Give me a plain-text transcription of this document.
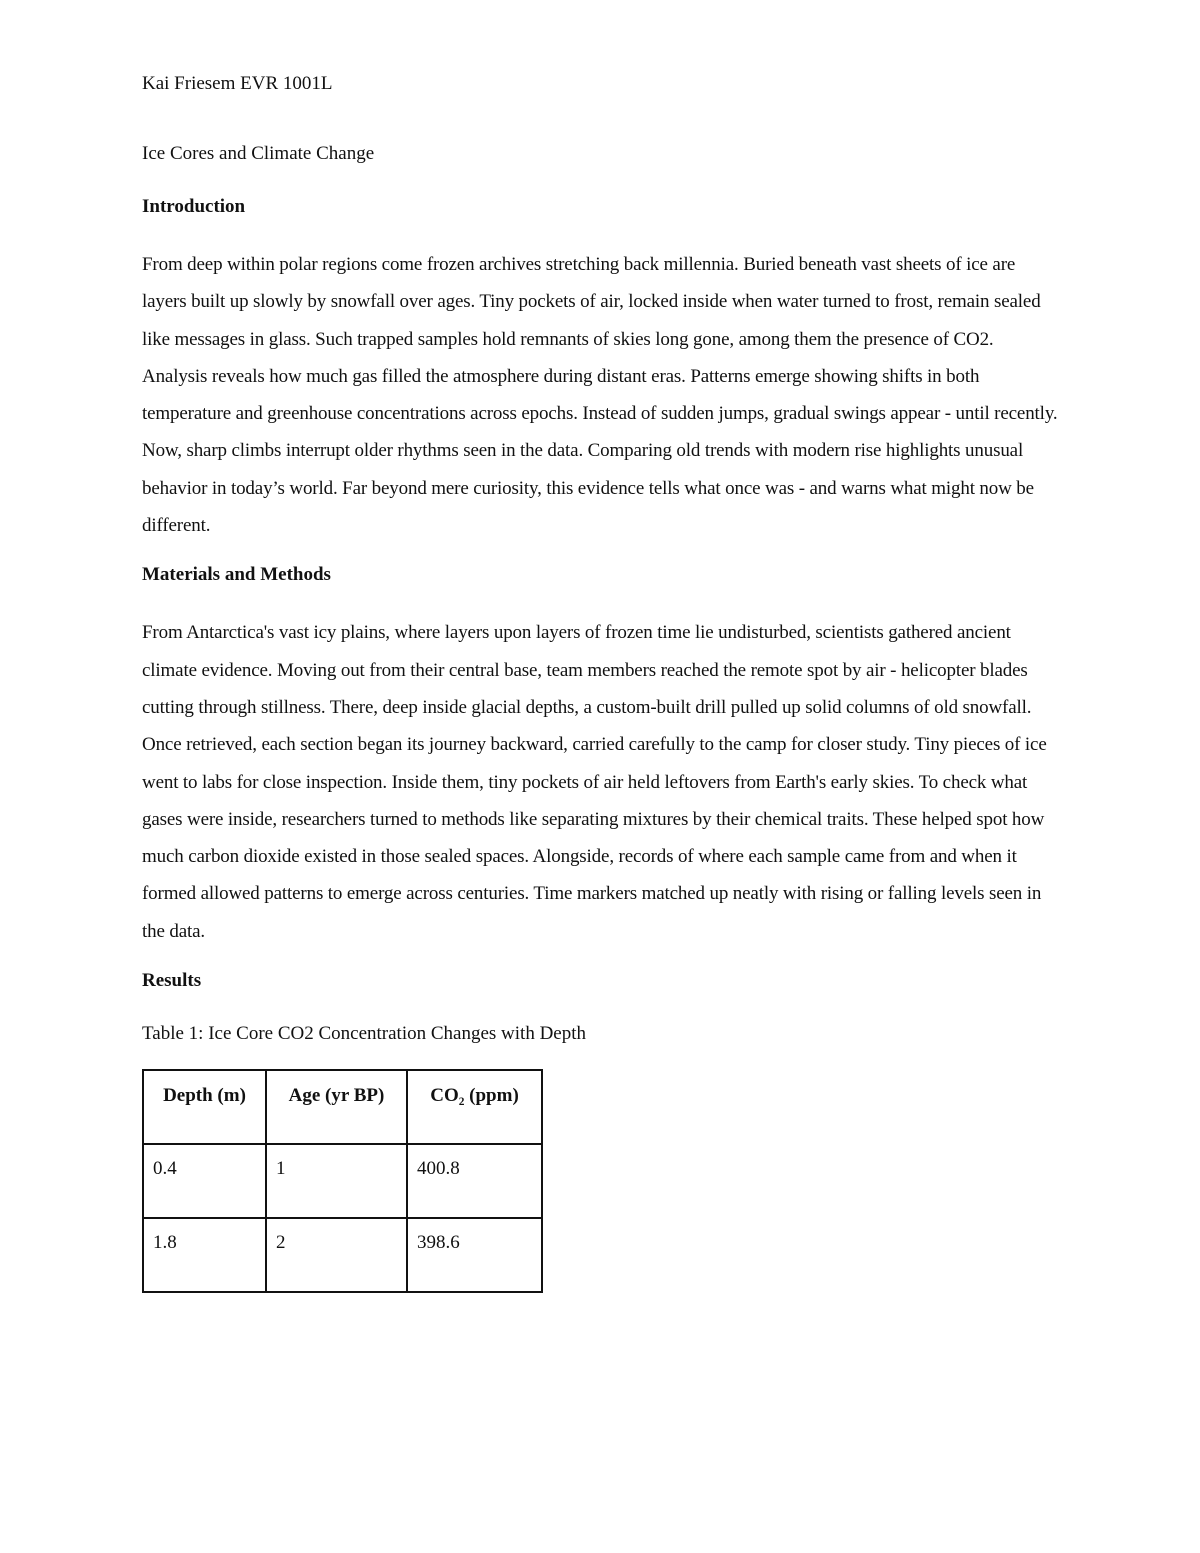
Kai Friesem EVR 1001L

Ice Cores and Climate Change

Introduction

From deep within polar regions come frozen archives stretching back millennia. Buried beneath vast sheets of ice are layers built up slowly by snowfall over ages. Tiny pockets of air, locked inside when water turned to frost, remain sealed like messages in glass. Such trapped samples hold remnants of skies long gone, among them the presence of CO2. Analysis reveals how much gas filled the atmosphere during distant eras. Patterns emerge showing shifts in both temperature and greenhouse concentrations across epochs. Instead of sudden jumps, gradual swings appear - until recently. Now, sharp climbs interrupt older rhythms seen in the data. Comparing old trends with modern rise highlights unusual behavior in today’s world. Far beyond mere curiosity, this evidence tells what once was - and warns what might now be different.

Materials and Methods

From Antarctica's vast icy plains, where layers upon layers of frozen time lie undisturbed, scientists gathered ancient climate evidence. Moving out from their central base, team members reached the remote spot by air - helicopter blades cutting through stillness. There, deep inside glacial depths, a custom-built drill pulled up solid columns of old snowfall. Once retrieved, each section began its journey backward, carried carefully to the camp for closer study. Tiny pieces of ice went to labs for close inspection. Inside them, tiny pockets of air held leftovers from Earth's early skies. To check what gases were inside, researchers turned to methods like separating mixtures by their chemical traits. These helped spot how much carbon dioxide existed in those sealed spaces. Alongside, records of where each sample came from and when it formed allowed patterns to emerge across centuries. Time markers matched up neatly with rising or falling levels seen in the data.

Results

Table 1: Ice Core CO2 Concentration Changes with Depth

Depth (m)	Age (yr BP)	CO₂ (ppm)
0.4	1	400.8
1.8	2	398.6
